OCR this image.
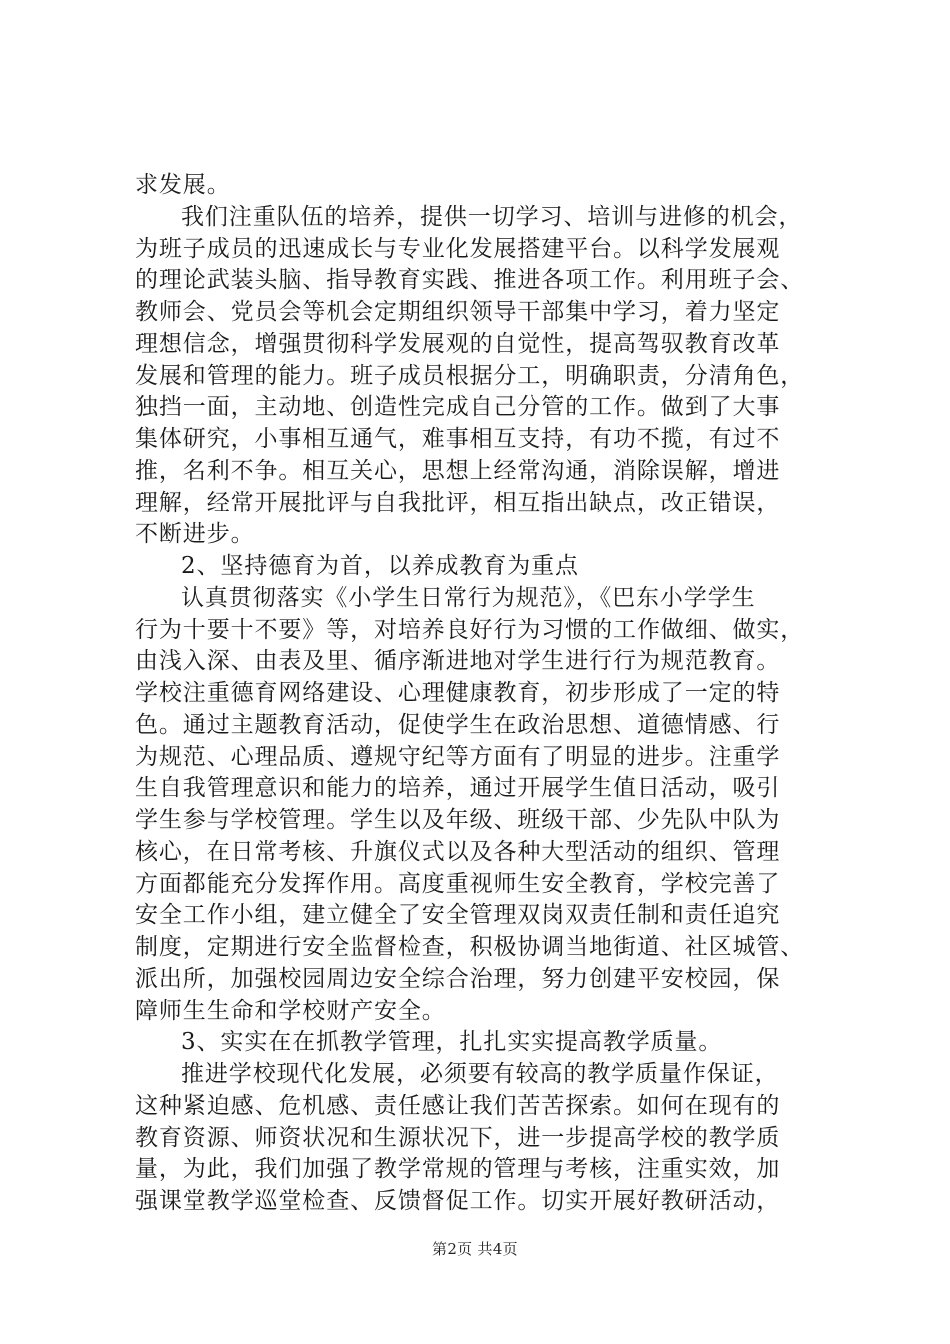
求发展。
我们注重队伍的培养，提供一切学习、培训与进修的机会，
为班子成员的迅速成长与专业化发展搭建平台。以科学发展观
的理论武装头脑、指导教育实践、推进各项工作。利用班子会、
教师会、党员会等机会定期组织领导干部集中学习，着力坚定
理想信念，增强贯彻科学发展观的自觉性，提高驾驭教育改革
发展和管理的能力。班子成员根据分工，明确职责，分清角色，
独挡一面，主动地、创造性完成自己分管的工作。做到了大事
集体研究，小事相互通气，难事相互支持，有功不揽，有过不
推，名利不争。相互关心，思想上经常沟通，消除误解，增进
理解，经常开展批评与自我批评，相互指出缺点，改正错误，
不断进步。
2、坚持德育为首，以养成教育为重点
认真贯彻落实《小学生日常行为规范》，《巴东小学学生
行为十要十不要》等，对培养良好行为习惯的工作做细、做实，
由浅入深、由表及里、循序渐进地对学生进行行为规范教育。
学校注重德育网络建设、心理健康教育，初步形成了一定的特
色。通过主题教育活动，促使学生在政治思想、道德情感、行
为规范、心理品质、遵规守纪等方面有了明显的进步。注重学
生自我管理意识和能力的培养，通过开展学生值日活动，吸引
学生参与学校管理。学生以及年级、班级干部、少先队中队为
核心，在日常考核、升旗仪式以及各种大型活动的组织、管理
方面都能充分发挥作用。高度重视师生安全教育，学校完善了
安全工作小组，建立健全了安全管理双岗双责任制和责任追究
制度，定期进行安全监督检查，积极协调当地街道、社区城管、
派出所，加强校园周边安全综合治理，努力创建平安校园，保
障师生生命和学校财产安全。
3、实实在在抓教学管理，扎扎实实提高教学质量。
推进学校现代化发展，必须要有较高的教学质量作保证，
这种紧迫感、危机感、责任感让我们苦苦探索。如何在现有的
教育资源、师资状况和生源状况下，进一步提高学校的教学质
量，为此，我们加强了教学常规的管理与考核，注重实效，加
强课堂教学巡堂检查、反馈督促工作。切实开展好教研活动，
第2页 共4页
